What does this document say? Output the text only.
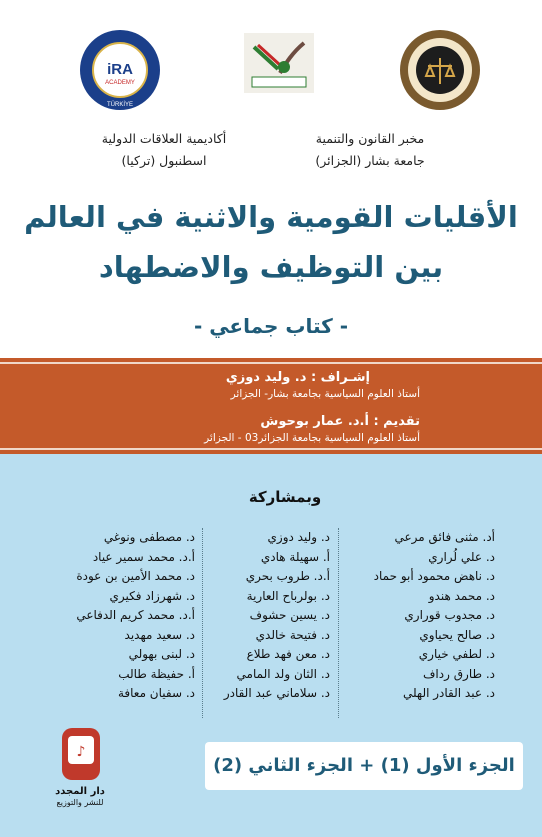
iRA
ACADEMY
TÜRKİYE
مخبر القانون والتنمية
جامعة بشار (الجزائر)
أكاديمية العلاقات الدولية
اسطنبول (تركيا)
الأقليات القومية والاثنية في العالم
بين التوظيف والاضطهاد
- كتاب جماعي -
إشـراف : د. وليد دوزي
أستاذ العلوم السياسية بجامعة بشار- الجزائر
تقديم : أ.د. عمار بوحوش
أستاذ العلوم السياسية بجامعة الجزائر03 - الجزائر
وبمشاركة
أد. مثنى فائق مرعي
د. علي لُراري
د. ناهض محمود أبو حماد
د. محمد هندو
د. مجدوب قوراري
د. صالح يحياوي
د. لطفي خياري
د. طارق رداف
د. عبد القادر الهلي
د. وليد دوزي
أ. سهيلة هادي
أ.د. طروب بحري
د. بولرباح العارية
د. يسين حشوف
د. فتيحة خالدي
د. معن فهد طلاع
د. الثان ولد المامي
د. سلاماني عبد القادر
د. مصطفى ونوغي
أ.د. محمد سمير عياد
د. محمد الأمين بن عودة
د. شهرزاد فكيري
أ.د. محمد كريم الدفاعي
د. سعيد مهديد
د. لبنى بهولي
أ. حفيظة طالب
د. سفيان معافة
الجزء الأول (1) + الجزء الثاني (2)
♪
دار المجدد
للنشر والتوزيع
